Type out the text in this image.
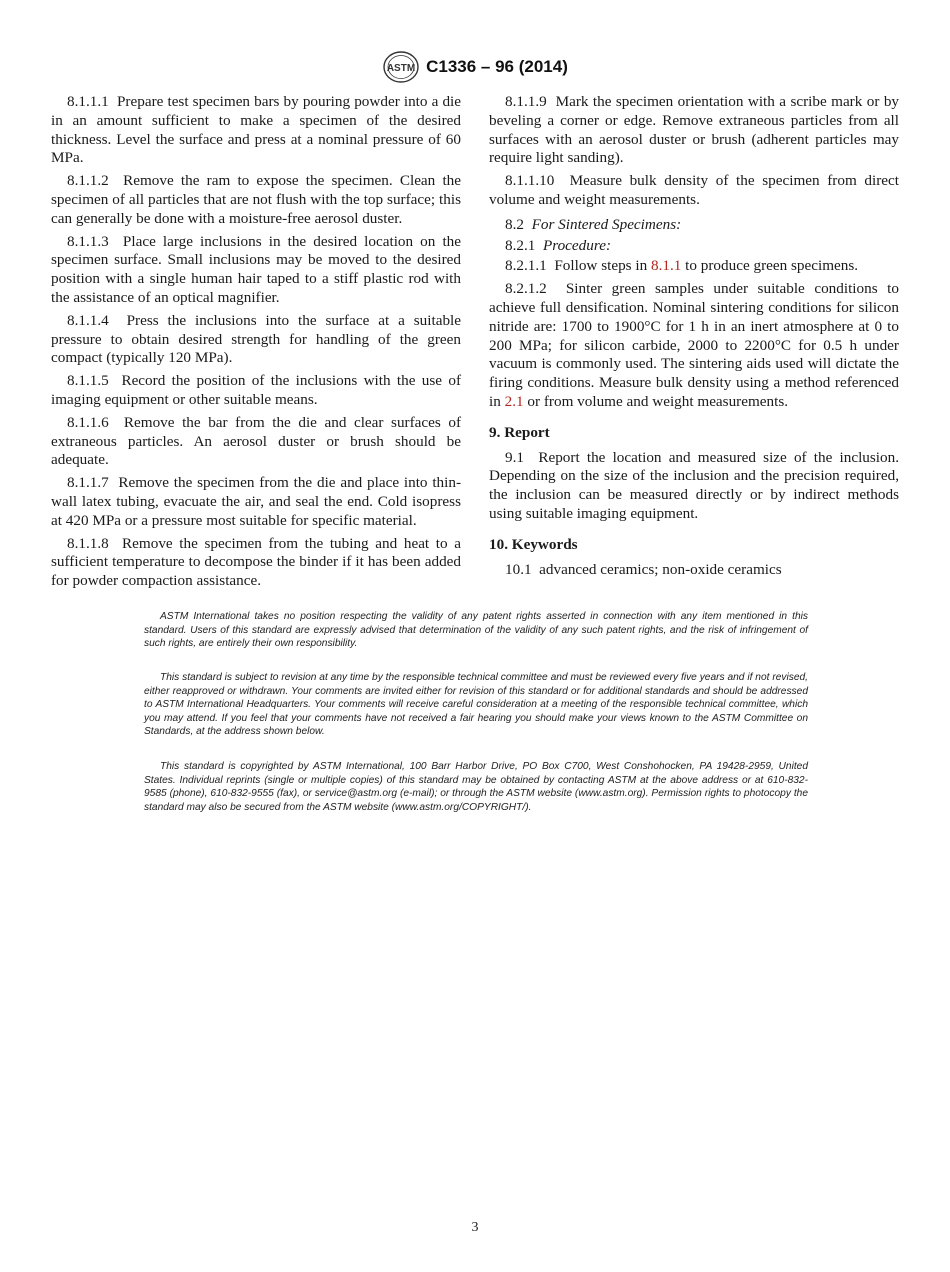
ASTM C1336 – 96 (2014)

8.1.1.1 Prepare test specimen bars by pouring powder into a die in an amount sufficient to make a specimen of the desired thickness. Level the surface and press at a nominal pressure of 60 MPa.

8.1.1.2 Remove the ram to expose the specimen. Clean the specimen of all particles that are not flush with the top surface; this can generally be done with a moisture-free aerosol duster.

8.1.1.3 Place large inclusions in the desired location on the specimen surface. Small inclusions may be moved to the desired position with a single human hair taped to a stiff plastic rod with the assistance of an optical magnifier.

8.1.1.4 Press the inclusions into the surface at a suitable pressure to obtain desired strength for handling of the green compact (typically 120 MPa).

8.1.1.5 Record the position of the inclusions with the use of imaging equipment or other suitable means.

8.1.1.6 Remove the bar from the die and clear surfaces of extraneous particles. An aerosol duster or brush should be adequate.

8.1.1.7 Remove the specimen from the die and place into thin-wall latex tubing, evacuate the air, and seal the end. Cold isopress at 420 MPa or a pressure most suitable for specific material.

8.1.1.8 Remove the specimen from the tubing and heat to a sufficient temperature to decompose the binder if it has been added for powder compaction assistance.

8.1.1.9 Mark the specimen orientation with a scribe mark or by beveling a corner or edge. Remove extraneous particles from all surfaces with an aerosol duster or brush (adherent particles may require light sanding).

8.1.1.10 Measure bulk density of the specimen from direct volume and weight measurements.

8.2 For Sintered Specimens:

8.2.1 Procedure:

8.2.1.1 Follow steps in 8.1.1 to produce green specimens.

8.2.1.2 Sinter green samples under suitable conditions to achieve full densification. Nominal sintering conditions for silicon nitride are: 1700 to 1900°C for 1 h in an inert atmosphere at 0 to 200 MPa; for silicon carbide, 2000 to 2200°C for 0.5 h under vacuum is commonly used. The sintering aids used will dictate the firing conditions. Measure bulk density using a method referenced in 2.1 or from volume and weight measurements.

9. Report

9.1 Report the location and measured size of the inclusion. Depending on the size of the inclusion and the precision required, the inclusion can be measured directly or by indirect methods using suitable imaging equipment.

10. Keywords

10.1 advanced ceramics; non-oxide ceramics

ASTM International takes no position respecting the validity of any patent rights asserted in connection with any item mentioned in this standard. Users of this standard are expressly advised that determination of the validity of any such patent rights, and the risk of infringement of such rights, are entirely their own responsibility.

This standard is subject to revision at any time by the responsible technical committee and must be reviewed every five years and if not revised, either reapproved or withdrawn. Your comments are invited either for revision of this standard or for additional standards and should be addressed to ASTM International Headquarters. Your comments will receive careful consideration at a meeting of the responsible technical committee, which you may attend. If you feel that your comments have not received a fair hearing you should make your views known to the ASTM Committee on Standards, at the address shown below.

This standard is copyrighted by ASTM International, 100 Barr Harbor Drive, PO Box C700, West Conshohocken, PA 19428-2959, United States. Individual reprints (single or multiple copies) of this standard may be obtained by contacting ASTM at the above address or at 610-832-9585 (phone), 610-832-9555 (fax), or service@astm.org (e-mail); or through the ASTM website (www.astm.org). Permission rights to photocopy the standard may also be secured from the ASTM website (www.astm.org/COPYRIGHT/).

3
